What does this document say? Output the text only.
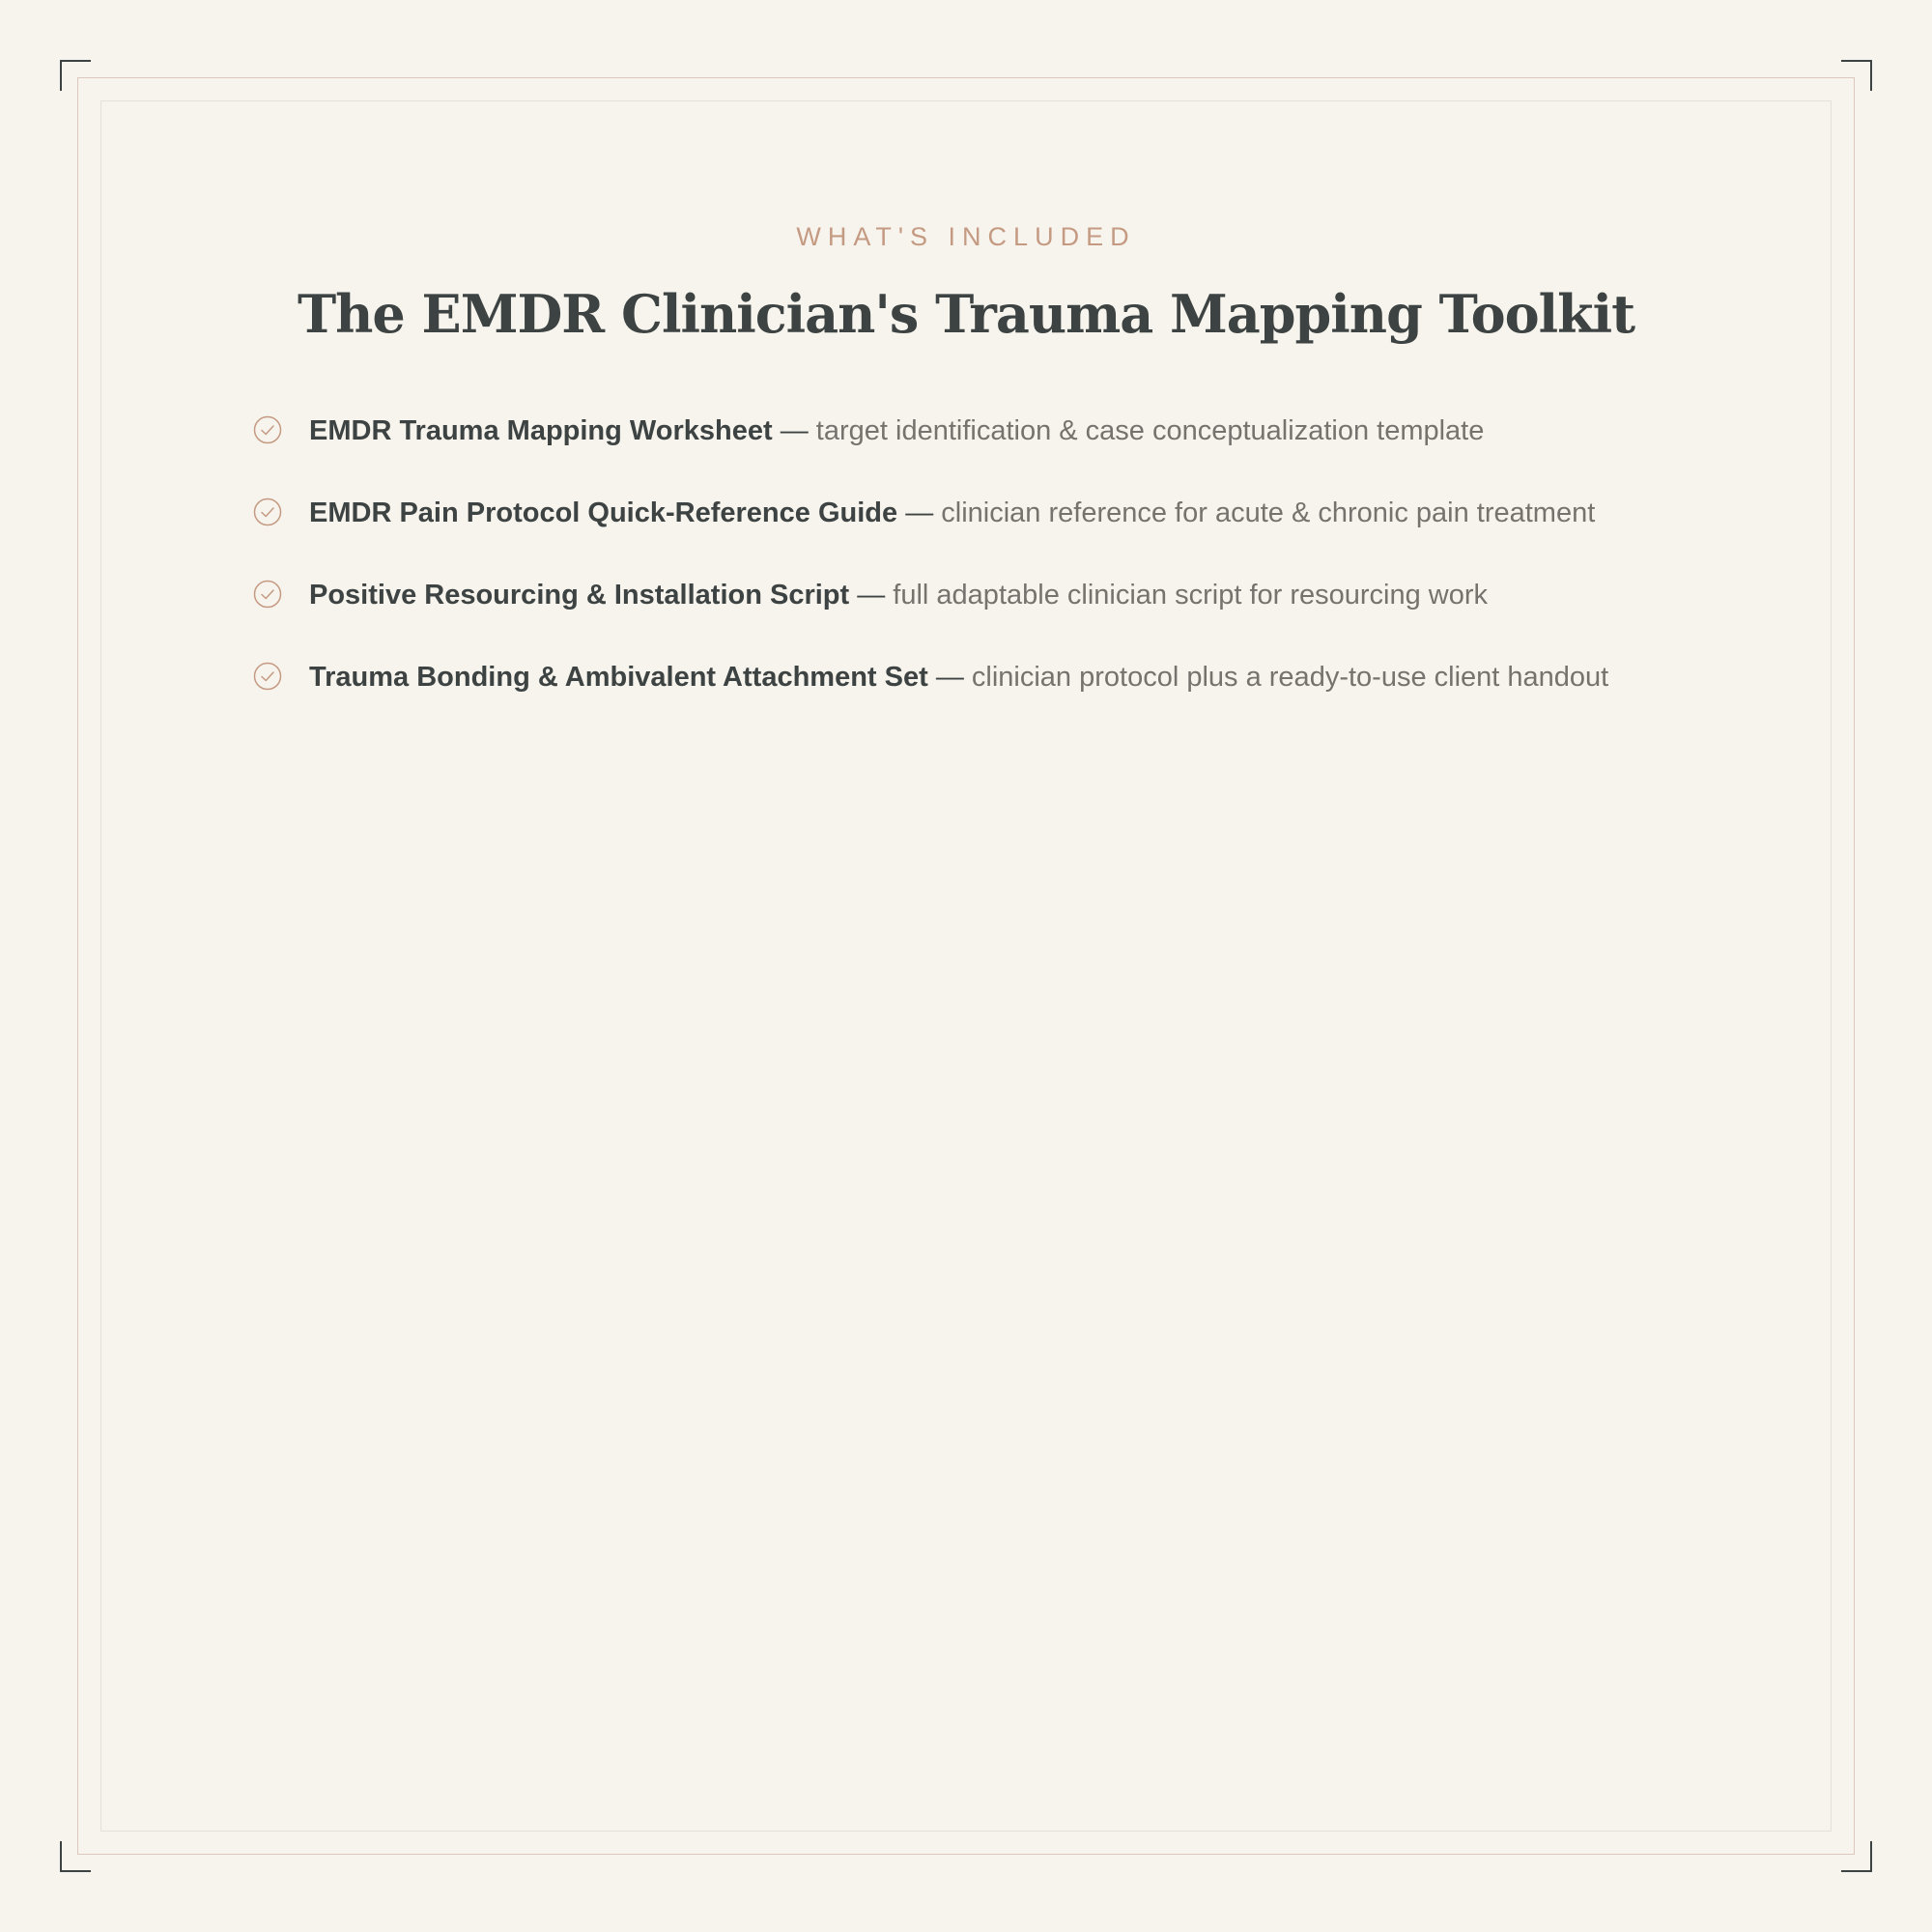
WHAT'S INCLUDED
The EMDR Clinician's Trauma Mapping Toolkit
EMDR Trauma Mapping Worksheet — target identification & case conceptualization template
EMDR Pain Protocol Quick-Reference Guide — clinician reference for acute & chronic pain treatment
Positive Resourcing & Installation Script — full adaptable clinician script for resourcing work
Trauma Bonding & Ambivalent Attachment Set — clinician protocol plus a ready-to-use client handout
